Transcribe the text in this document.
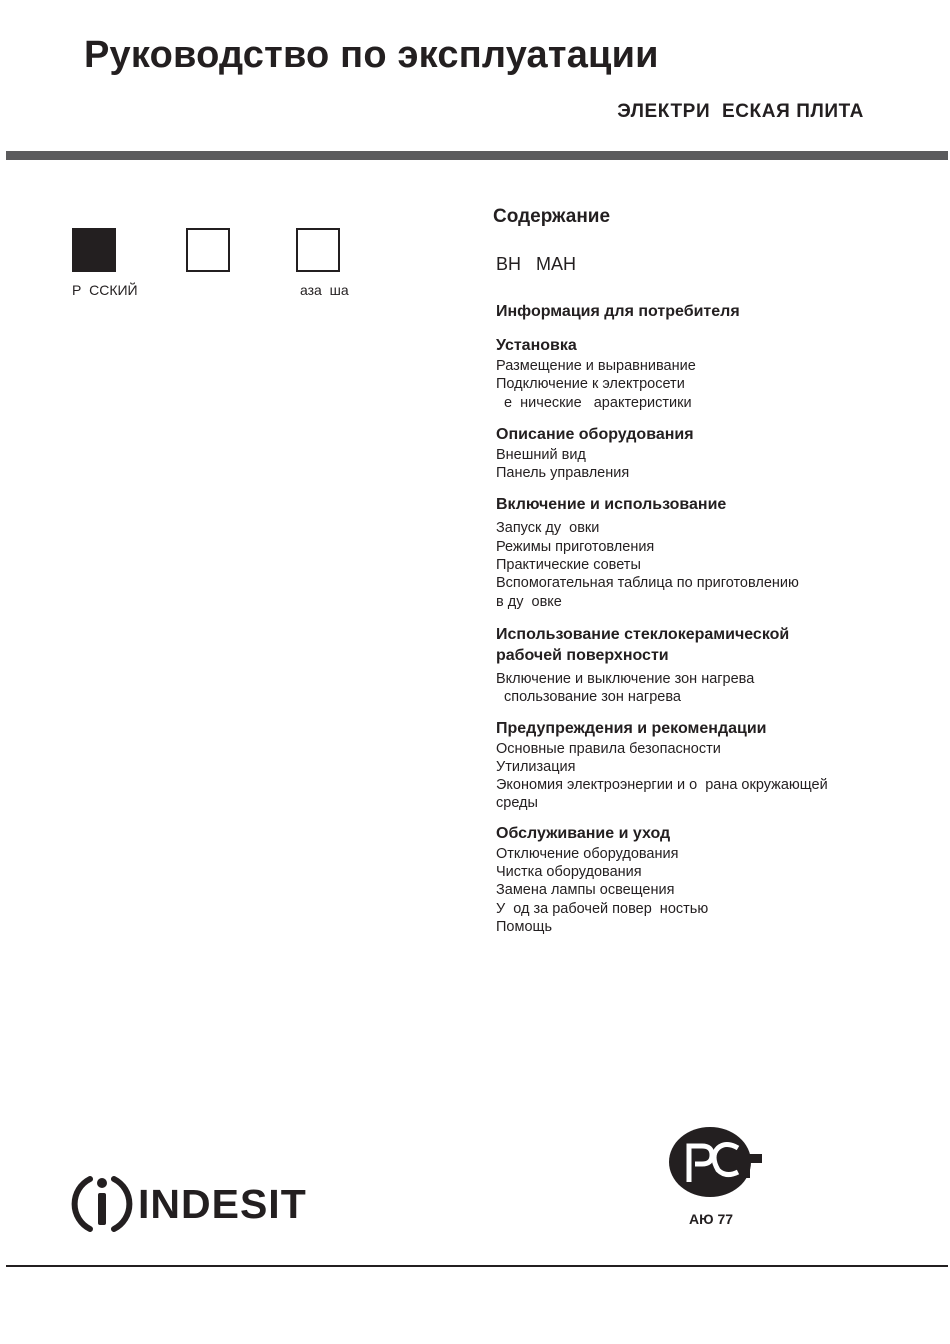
Руководство по эксплуатации
ЭЛЕКТРИ  ЕСКАЯ ПЛИТА
Р  ССКИЙ	аза  ша
Содержание
ВН   МАН
Информация для потребителя
Установка
Размещение и выравнивание
Подключение к электросети
е  нические   арактеристики
Описание оборудования
Внешний вид
Панель управления
Включение и использование
Запуск ду  овки
Режимы приготовления
Практические советы
Вспомогательная таблица по приготовлению
в ду  овке
Использование стеклокерамической
рабочей поверхности
Включение и выключение зон нагрева
спользование зон нагрева
Предупреждения и рекомендации
Основные правила безопасности
Утилизация
Экономия электроэнергии и о  рана окружающей
среды
Обслуживание и уход
Отключение оборудования
Чистка оборудования
Замена лампы освещения
У  од за рабочей повер  ностью
Помощь
INDESIT	АЮ 77
